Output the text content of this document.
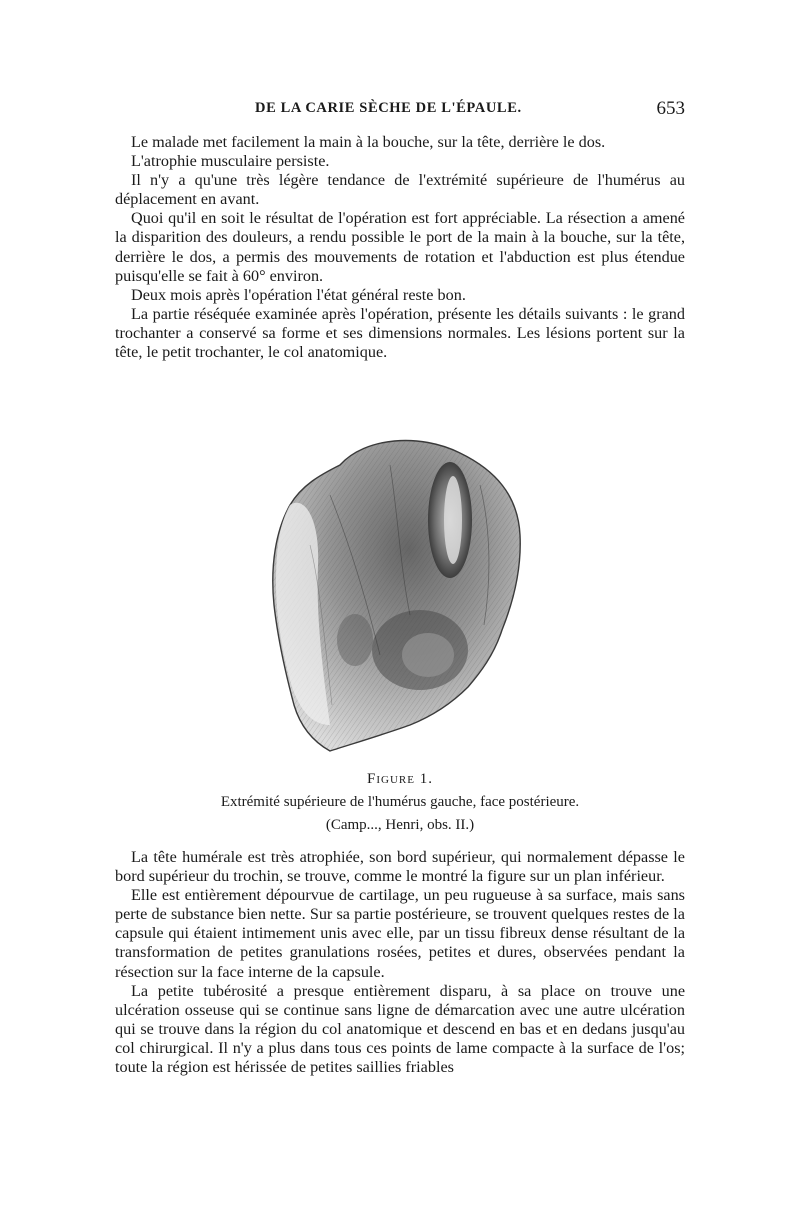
DE LA CARIE SÈCHE DE L'ÉPAULE.	653

Le malade met facilement la main à la bouche, sur la tête, derrière le dos.

L'atrophie musculaire persiste.

Il n'y a qu'une très légère tendance de l'extrémité supérieure de l'humérus au déplacement en avant.

Quoi qu'il en soit le résultat de l'opération est fort appréciable. La résection a amené la disparition des douleurs, a rendu possible le port de la main à la bouche, sur la tête, derrière le dos, a permis des mouvements de rotation et l'abduction est plus étendue puisqu'elle se fait à 60° environ.

Deux mois après l'opération l'état général reste bon.

La partie réséquée examinée après l'opération, présente les détails suivants : le grand trochanter a conservé sa forme et ses dimensions normales. Les lésions portent sur la tête, le petit trochanter, le col anatomique.

Figure 1.
Extrémité supérieure de l'humérus gauche, face postérieure.
(Camp..., Henri, obs. II.)

La tête humérale est très atrophiée, son bord supérieur, qui normalement dépasse le bord supérieur du trochin, se trouve, comme le montré la figure sur un plan inférieur.

Elle est entièrement dépourvue de cartilage, un peu rugueuse à sa surface, mais sans perte de substance bien nette. Sur sa partie postérieure, se trouvent quelques restes de la capsule qui étaient intimement unis avec elle, par un tissu fibreux dense résultant de la transformation de petites granulations rosées, petites et dures, observées pendant la résection sur la face interne de la capsule.

La petite tubérosité a presque entièrement disparu, à sa place on trouve une ulcération osseuse qui se continue sans ligne de démarcation avec une autre ulcération qui se trouve dans la région du col anatomique et descend en bas et en dedans jusqu'au col chirurgical. Il n'y a plus dans tous ces points de lame compacte à la surface de l'os; toute la région est hérissée de petites saillies friables
